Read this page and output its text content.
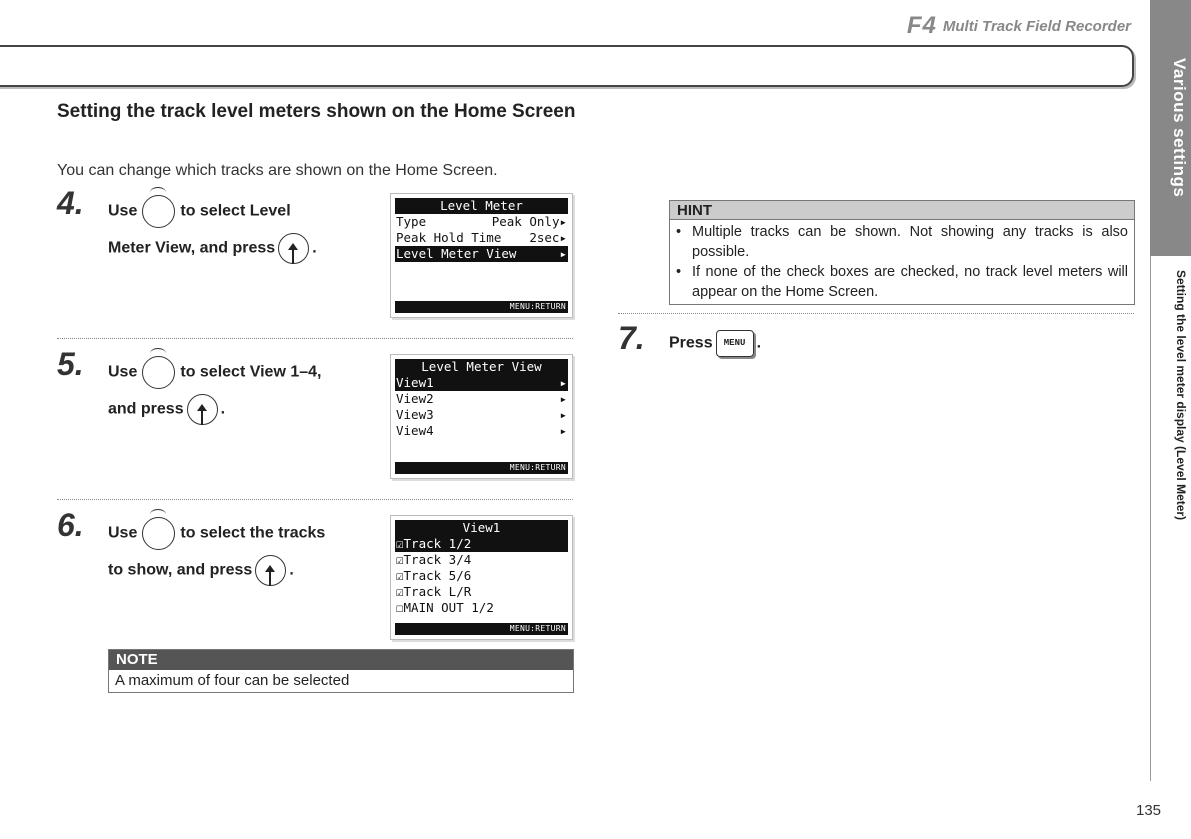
F4 Multi Track Field Recorder
Various settings
Setting the level meter display (Level Meter)
Setting the track level meters shown on the Home Screen
You can change which tracks are shown on the Home Screen.
4. Use	to select Level
Meter View, and press .
Level Meter
Type	Peak Only▸
Peak Hold Time 2sec▸
Level Meter View	▸
MENU:RETURN
5. Use	to select View 1–4,
and press .
Level Meter View
View1	▸
View2	▸
View3	▸
View4	▸
MENU:RETURN
6. Use	to select the tracks
to show, and press .
View1
☑ Track 1/2
☑ Track 3/4
☑ Track 5/6
☑ Track L/R
☐ MAIN OUT 1/2
MENU:RETURN
NOTE
A maximum of four can be selected
HINT
• Multiple tracks can be shown. Not showing any tracks is also possible.
• If none of the check boxes are checked, no track level meters will appear on the Home Screen.
7. Press MENU .
135
